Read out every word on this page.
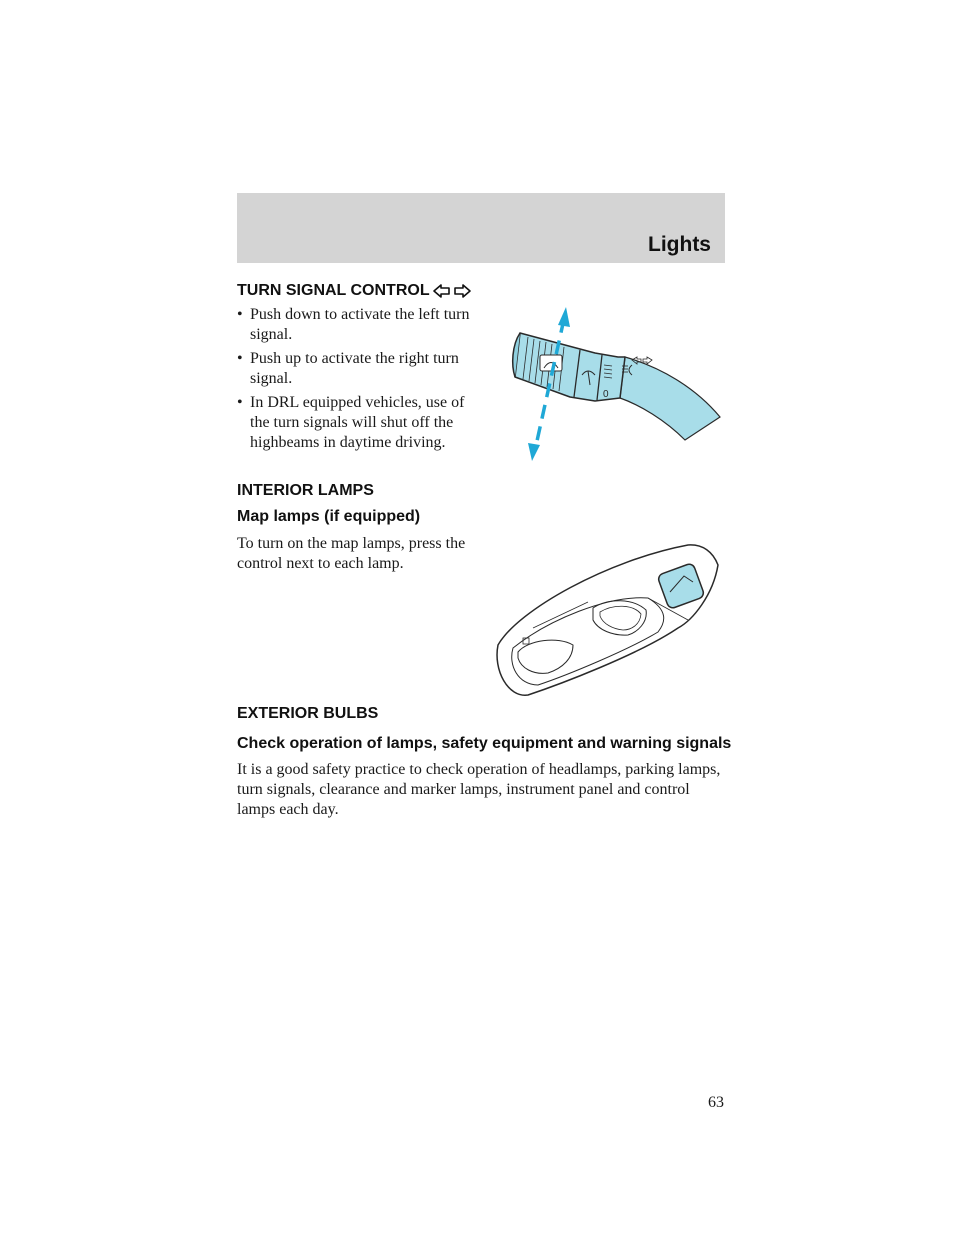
Lights
TURN SIGNAL CONTROL
• Push down to activate the left turn signal.
• Push up to activate the right turn signal.
• In DRL equipped vehicles, use of the turn signals will shut off the highbeams in daytime driving.
0
INTERIOR LAMPS
Map lamps (if equipped)

To turn on the map lamps, press the control next to each lamp.

EXTERIOR BULBS
Check operation of lamps, safety equipment and warning signals

It is a good safety practice to check operation of headlamps, parking lamps, turn signals, clearance and marker lamps, instrument panel and control lamps each day.

63
